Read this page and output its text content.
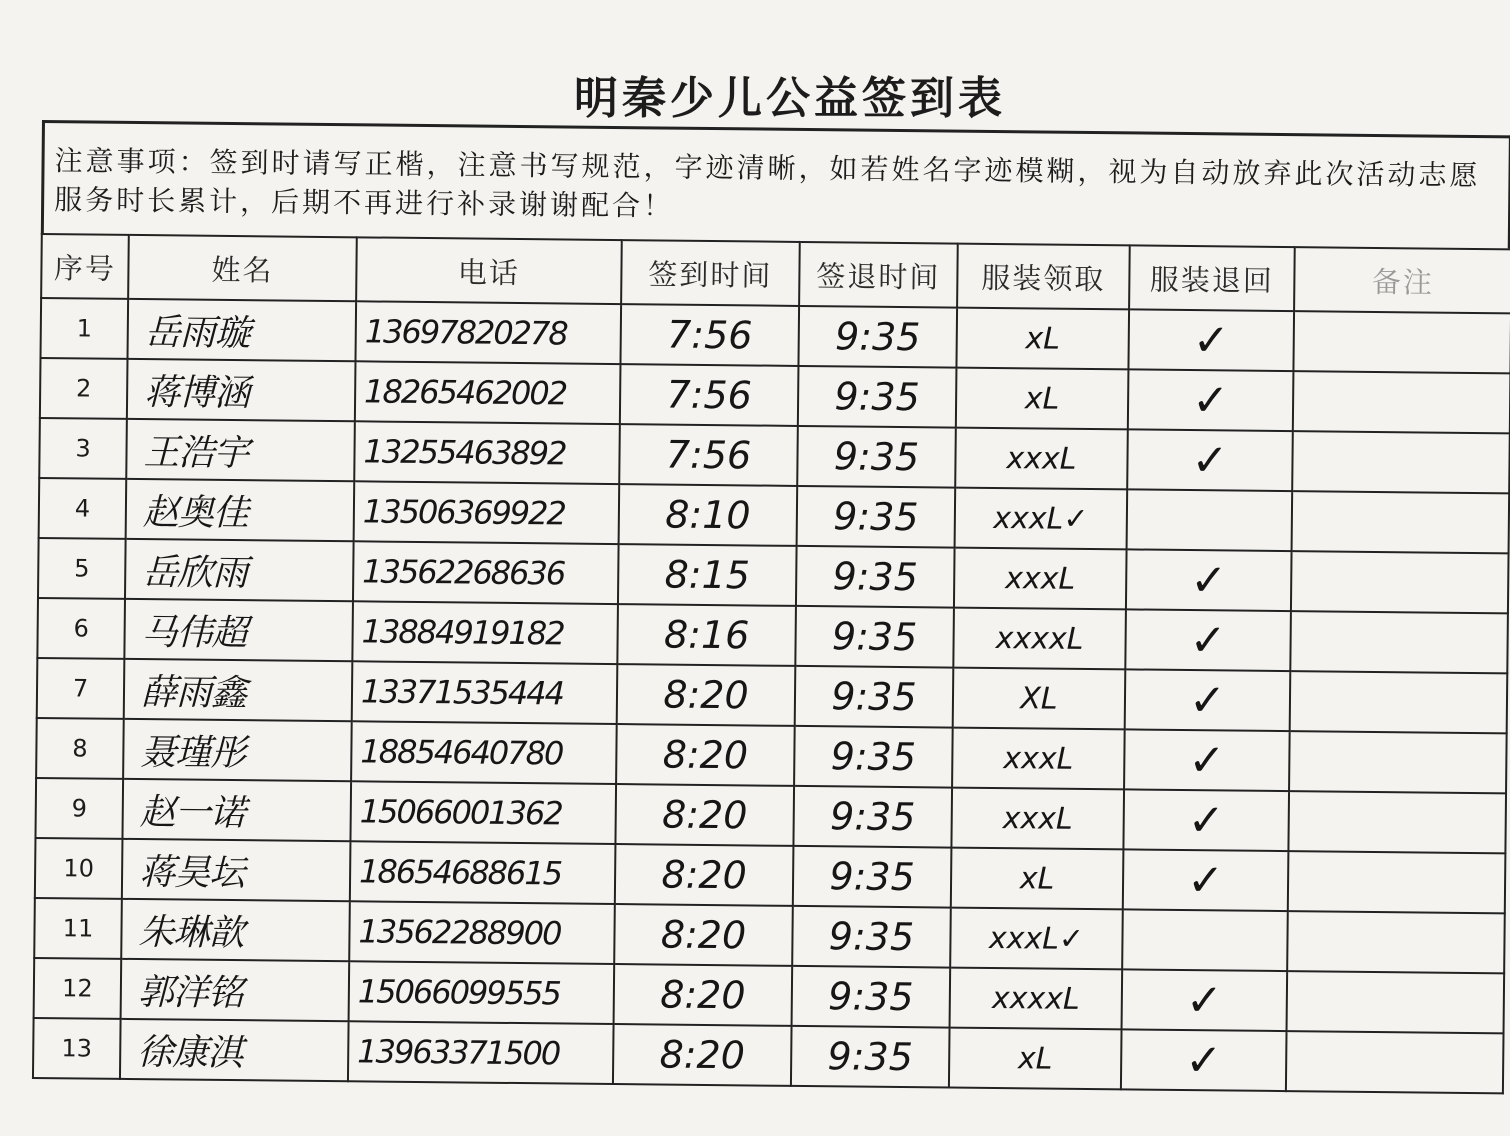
明秦少儿公益签到表
注意事项：签到时请写正楷，注意书写规范，字迹清晰，如若姓名字迹模糊，视为自动放弃此次活动志愿服务时长累计，后期不再进行补录谢谢配合！
序号	姓名	电话	签到时间	签退时间	服装领取	服装退回	备注
1	岳雨璇	13697820278	7:56	9:35	xL	✓	
2	蒋博涵	18265462002	7:56	9:35	xL	✓	
3	王浩宇	13255463892	7:56	9:35	xxxL	✓	
4	赵奥佳	13506369922	8:10	9:35	xxxL✓		
5	岳欣雨	13562268636	8:15	9:35	xxxL	✓	
6	马伟超	13884919182	8:16	9:35	xxxxL	✓	
7	薛雨鑫	13371535444	8:20	9:35	XL	✓	
8	聂瑾彤	18854640780	8:20	9:35	xxxL	✓	
9	赵一诺	15066001362	8:20	9:35	xxxL	✓	
10	蒋昊坛	18654688615	8:20	9:35	xL	✓	
11	朱琳歆	13562288900	8:20	9:35	xxxL✓		
12	郭洋铭	15066099555	8:20	9:35	xxxxL	✓	
13	徐康淇	13963371500	8:20	9:35	xL	✓	
